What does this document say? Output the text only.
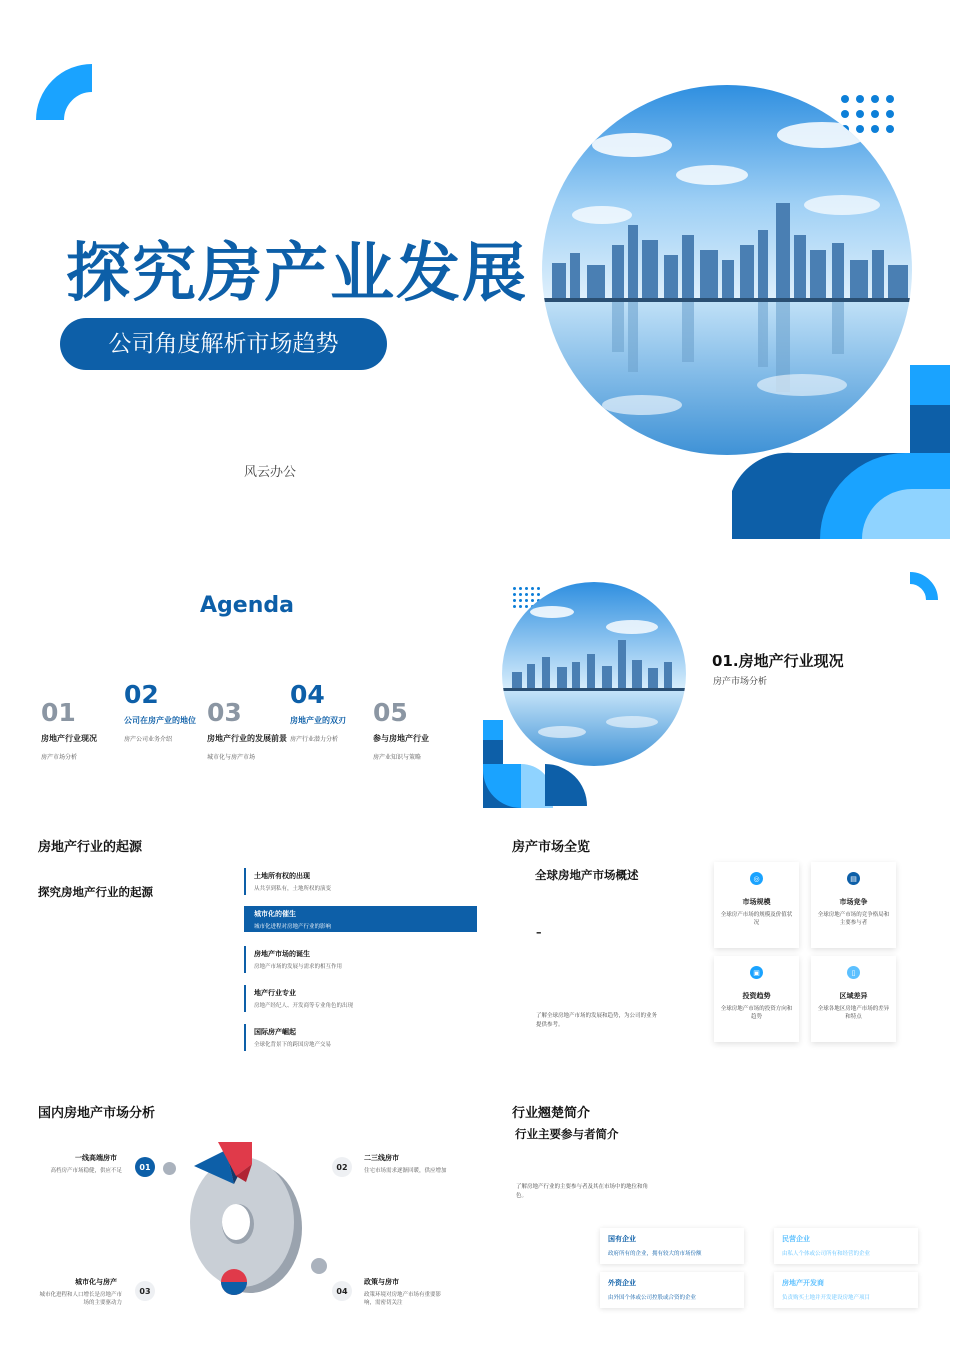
探究房产业发展
公司角度解析市场趋势
风云办公
Agenda
01
房地产行业现况
房产市场分析
02
公司在房产业的地位
房产公司业务介绍
03
房地产行业的发展前景
城市化与房产市场
04
房地产业的双刃
房产行业潜力分析
05
参与房地产行业
房产业知识与策略
01.房地产行业现况
房产市场分析
房地产行业的起源
探究房地产行业的起源
土地所有权的出现
从共享到私有，土地所权的演变
城市化的催生
城市化进程对房地产行业的影响
房地产市场的诞生
房地产市场的发展与需求的相互作用
地产行业专业
房地产经纪人、开发商等专业角色的出现
国际房产崛起
全球化背景下的跨国房地产交易
房产市场全览
全球房地产市场概述
–
了解全球房地产市场的发展和趋势，为公司的业务提供参考。
◎
市场规模
全球房产市场的规模及价值状况
▤
市场竞争
全球房地产市场的竞争格局和主要参与者
▣
投资趋势
全球房地产市场的投资方向和趋势
▯
区域差异
全球各地区房地产市场的差异和特点
国内房地产市场分析
01
一线高端房市
高档房产市场稳健，供应不足	02
二三线房市
住宅市场需求逐渐回暖，供应增加
03
城市化与房产
城市化进程和人口增长是房地产市场的主要驱动力
04
政策与房市
政策环境对房地产市场有重要影响，需密切关注
行业翘楚简介
行业主要参与者简介
了解房地产行业的主要参与者及其在市场中的地位和角色。
国有企业
政府所有的企业，拥有较大的市场份额
民营企业
由私人个体或公司所有和经营的企业
外资企业
由外国个体或公司控股或合资的企业
房地产开发商
负责购买土地并开发建设房地产项目
